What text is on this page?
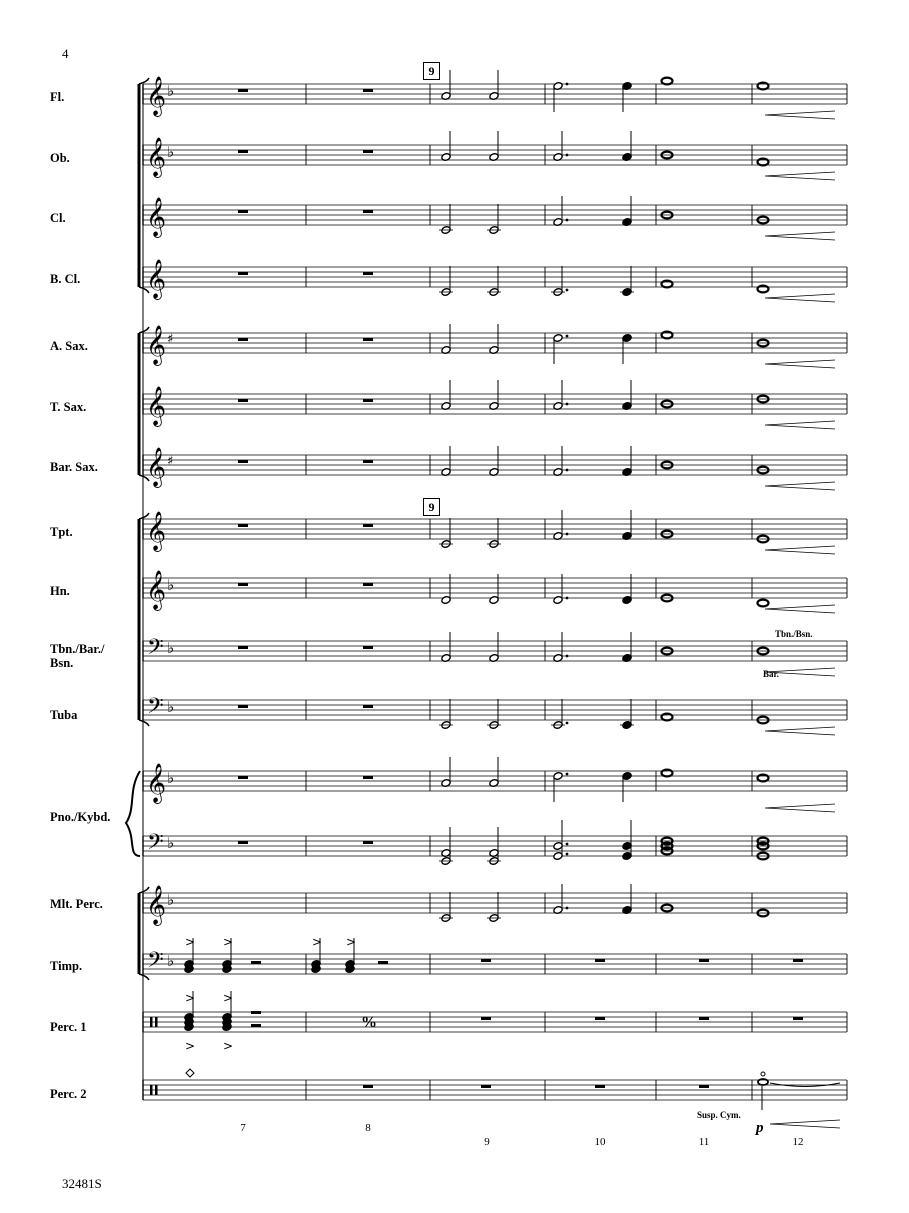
4
32481S
9
9
Fl.
Ob.
Cl.
B. Cl.
A. Sax.
T. Sax.
Bar. Sax.
Tpt.
Hn.
Tbn./Bar./
Bsn.
Tuba
Pno./Kybd.
Mlt. Perc.
Timp.
Perc. 1
Perc. 2
7	8
9	10	11	12
Tbn./Bsn.
Bar.
Susp. Cym.
p
%
𝄞 ♭
𝄞 ♭
𝄞
𝄞
𝄞 ♯
𝄞
𝄞 ♯
𝄞
𝄞 ♭
𝄢 ♭
𝄢 ♭
𝄞 ♭
𝄢 ♭
𝄞 ♭
𝄢 ♭
> >	> >
>
>
>
>
